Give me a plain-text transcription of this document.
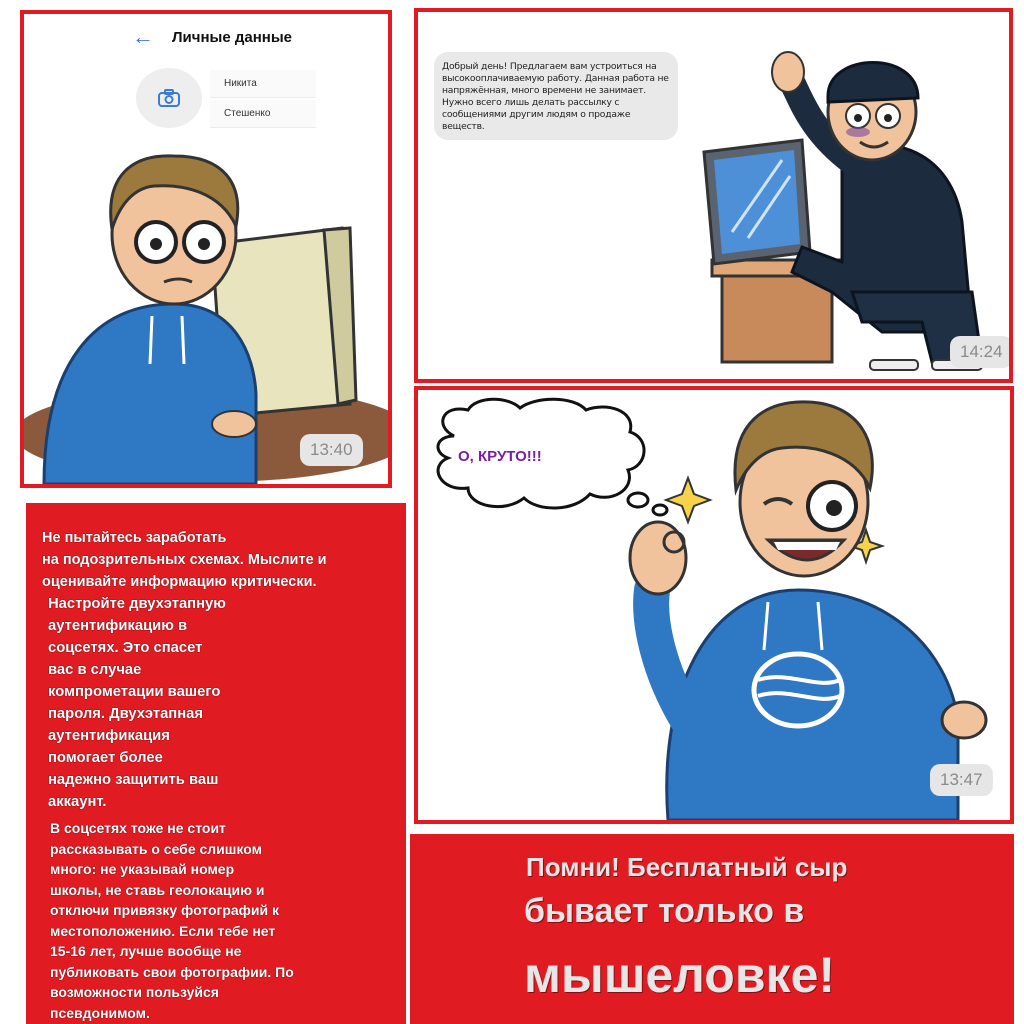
← Личные данные
Никита
Стешенко
13:40
Добрый день! Предлагаем вам устроиться на высокооплачиваемую работу. Данная работа не напряжённая, много времени не занимает. Нужно всего лишь делать рассылку с сообщениями другим людям о продаже веществ.
14:24
О, КРУТО!!!
13:47
Не пытайтесь заработать
на подозрительных схемах. Мыслите и
оценивайте информацию критически.
Настройте двухэтапную
аутентификацию в
соцсетях. Это спасет
вас в случае
компрометации вашего
пароля. Двухэтапная
аутентификация
помогает более
надежно защитить ваш
аккаунт.
В соцсетях тоже не стоит
рассказывать о себе слишком
много: не указывай номер
школы, не ставь геолокацию и
отключи привязку фотографий к
местоположению. Если тебе нет
15-16 лет, лучше вообще не
публиковать свои фотографии. По
возможности пользуйся
псевдонимом.
Помни! Бесплатный сыр
бывает только в
мышеловке!
